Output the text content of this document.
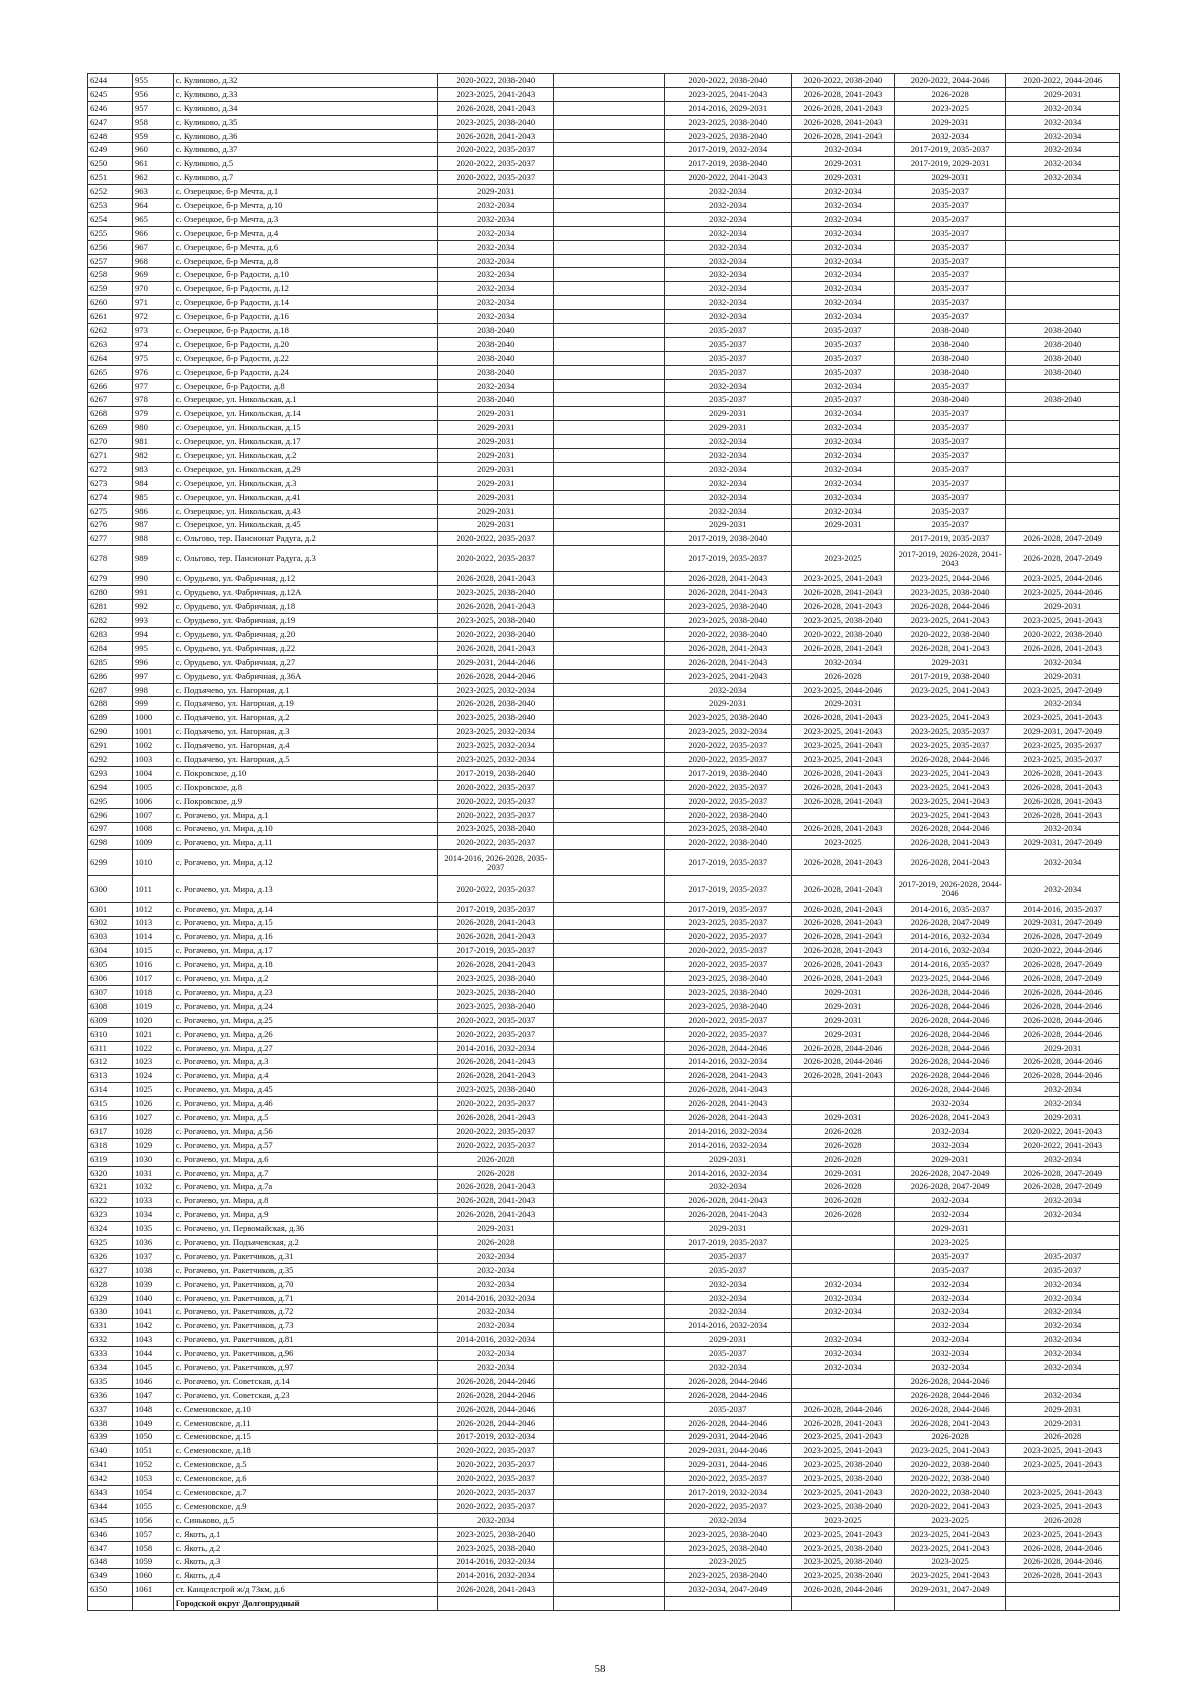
6244	955	с. Куликово, д.32	2020-2022, 2038-2040		2020-2022, 2038-2040	2020-2022, 2038-2040	2020-2022, 2044-2046	2020-2022, 2044-2046
6245	956	с. Куликово, д.33	2023-2025, 2041-2043		2023-2025, 2041-2043	2026-2028, 2041-2043	2026-2028	2029-2031
6246	957	с. Куликово, д.34	2026-2028, 2041-2043		2014-2016, 2029-2031	2026-2028, 2041-2043	2023-2025	2032-2034
6247	958	с. Куликово, д.35	2023-2025, 2038-2040		2023-2025, 2038-2040	2026-2028, 2041-2043	2029-2031	2032-2034
6248	959	с. Куликово, д.36	2026-2028, 2041-2043		2023-2025, 2038-2040	2026-2028, 2041-2043	2032-2034	2032-2034
6249	960	с. Куликово, д.37	2020-2022, 2035-2037		2017-2019, 2032-2034	2032-2034	2017-2019, 2035-2037	2032-2034
6250	961	с. Куликово, д.5	2020-2022, 2035-2037		2017-2019, 2038-2040	2029-2031	2017-2019, 2029-2031	2032-2034
6251	962	с. Куликово, д.7	2020-2022, 2035-2037		2020-2022, 2041-2043	2029-2031	2029-2031	2032-2034
6252	963	с. Озерецкое, б-р Мечта, д.1	2029-2031		2032-2034	2032-2034	2035-2037	
6253	964	с. Озерецкое, б-р Мечта, д.10	2032-2034		2032-2034	2032-2034	2035-2037	
6254	965	с. Озерецкое, б-р Мечта, д.3	2032-2034		2032-2034	2032-2034	2035-2037	
6255	966	с. Озерецкое, б-р Мечта, д.4	2032-2034		2032-2034	2032-2034	2035-2037	
6256	967	с. Озерецкое, б-р Мечта, д.6	2032-2034		2032-2034	2032-2034	2035-2037	
6257	968	с. Озерецкое, б-р Мечта, д.8	2032-2034		2032-2034	2032-2034	2035-2037	
6258	969	с. Озерецкое, б-р Радости, д.10	2032-2034		2032-2034	2032-2034	2035-2037	
6259	970	с. Озерецкое, б-р Радости, д.12	2032-2034		2032-2034	2032-2034	2035-2037	
6260	971	с. Озерецкое, б-р Радости, д.14	2032-2034		2032-2034	2032-2034	2035-2037	
6261	972	с. Озерецкое, б-р Радости, д.16	2032-2034		2032-2034	2032-2034	2035-2037	
6262	973	с. Озерецкое, б-р Радости, д.18	2038-2040		2035-2037	2035-2037	2038-2040	2038-2040
6263	974	с. Озерецкое, б-р Радости, д.20	2038-2040		2035-2037	2035-2037	2038-2040	2038-2040
6264	975	с. Озерецкое, б-р Радости, д.22	2038-2040		2035-2037	2035-2037	2038-2040	2038-2040
6265	976	с. Озерецкое, б-р Радости, д.24	2038-2040		2035-2037	2035-2037	2038-2040	2038-2040
6266	977	с. Озерецкое, б-р Радости, д.8	2032-2034		2032-2034	2032-2034	2035-2037	
6267	978	с. Озерецкое, ул. Никольская, д.1	2038-2040		2035-2037	2035-2037	2038-2040	2038-2040
6268	979	с. Озерецкое, ул. Никольская, д.14	2029-2031		2029-2031	2032-2034	2035-2037	
6269	980	с. Озерецкое, ул. Никольская, д.15	2029-2031		2029-2031	2032-2034	2035-2037	
6270	981	с. Озерецкое, ул. Никольская, д.17	2029-2031		2032-2034	2032-2034	2035-2037	
6271	982	с. Озерецкое, ул. Никольская, д.2	2029-2031		2032-2034	2032-2034	2035-2037	
6272	983	с. Озерецкое, ул. Никольская, д.29	2029-2031		2032-2034	2032-2034	2035-2037	
6273	984	с. Озерецкое, ул. Никольская, д.3	2029-2031		2032-2034	2032-2034	2035-2037	
6274	985	с. Озерецкое, ул. Никольская, д.41	2029-2031		2032-2034	2032-2034	2035-2037	
6275	986	с. Озерецкое, ул. Никольская, д.43	2029-2031		2032-2034	2032-2034	2035-2037	
6276	987	с. Озерецкое, ул. Никольская, д.45	2029-2031		2029-2031	2029-2031	2035-2037	
6277	988	с. Ольгово, тер. Пансионат Радуга, д.2	2020-2022, 2035-2037		2017-2019, 2038-2040		2017-2019, 2035-2037	2026-2028, 2047-2049
6278	989	с. Ольгово, тер. Пансионат Радуга, д.3	2020-2022, 2035-2037		2017-2019, 2035-2037	2023-2025	2017-2019, 2026-2028, 2041-2043	2026-2028, 2047-2049
6279	990	с. Орудьево, ул. Фабричная, д.12	2026-2028, 2041-2043		2026-2028, 2041-2043	2023-2025, 2041-2043	2023-2025, 2044-2046	2023-2025, 2044-2046
6280	991	с. Орудьево, ул. Фабричная, д.12А	2023-2025, 2038-2040		2026-2028, 2041-2043	2026-2028, 2041-2043	2023-2025, 2038-2040	2023-2025, 2044-2046
6281	992	с. Орудьево, ул. Фабричная, д.18	2026-2028, 2041-2043		2023-2025, 2038-2040	2026-2028, 2041-2043	2026-2028, 2044-2046	2029-2031
6282	993	с. Орудьево, ул. Фабричная, д.19	2023-2025, 2038-2040		2023-2025, 2038-2040	2023-2025, 2038-2040	2023-2025, 2041-2043	2023-2025, 2041-2043
6283	994	с. Орудьево, ул. Фабричная, д.20	2020-2022, 2038-2040		2020-2022, 2038-2040	2020-2022, 2038-2040	2020-2022, 2038-2040	2020-2022, 2038-2040
6284	995	с. Орудьево, ул. Фабричная, д.22	2026-2028, 2041-2043		2026-2028, 2041-2043	2026-2028, 2041-2043	2026-2028, 2041-2043	2026-2028, 2041-2043
6285	996	с. Орудьево, ул. Фабричная, д.27	2029-2031, 2044-2046		2026-2028, 2041-2043	2032-2034	2029-2031	2032-2034
6286	997	с. Орудьево, ул. Фабричная, д.36А	2026-2028, 2044-2046		2023-2025, 2041-2043	2026-2028	2017-2019, 2038-2040	2029-2031
6287	998	с. Подъячево, ул. Нагорная, д.1	2023-2025, 2032-2034		2032-2034	2023-2025, 2044-2046	2023-2025, 2041-2043	2023-2025, 2047-2049
6288	999	с. Подъячево, ул. Нагорная, д.19	2026-2028, 2038-2040		2029-2031	2029-2031		2032-2034
6289	1000	с. Подъячево, ул. Нагорная, д.2	2023-2025, 2038-2040		2023-2025, 2038-2040	2026-2028, 2041-2043	2023-2025, 2041-2043	2023-2025, 2041-2043
6290	1001	с. Подъячево, ул. Нагорная, д.3	2023-2025, 2032-2034		2023-2025, 2032-2034	2023-2025, 2041-2043	2023-2025, 2035-2037	2029-2031, 2047-2049
6291	1002	с. Подъячево, ул. Нагорная, д.4	2023-2025, 2032-2034		2020-2022, 2035-2037	2023-2025, 2041-2043	2023-2025, 2035-2037	2023-2025, 2035-2037
6292	1003	с. Подъячево, ул. Нагорная, д.5	2023-2025, 2032-2034		2020-2022, 2035-2037	2023-2025, 2041-2043	2026-2028, 2044-2046	2023-2025, 2035-2037
6293	1004	с. Покровское, д.10	2017-2019, 2038-2040		2017-2019, 2038-2040	2026-2028, 2041-2043	2023-2025, 2041-2043	2026-2028, 2041-2043
6294	1005	с. Покровское, д.8	2020-2022, 2035-2037		2020-2022, 2035-2037	2026-2028, 2041-2043	2023-2025, 2041-2043	2026-2028, 2041-2043
6295	1006	с. Покровское, д.9	2020-2022, 2035-2037		2020-2022, 2035-2037	2026-2028, 2041-2043	2023-2025, 2041-2043	2026-2028, 2041-2043
6296	1007	с. Рогачево, ул. Мира, д.1	2020-2022, 2035-2037		2020-2022, 2038-2040		2023-2025, 2041-2043	2026-2028, 2041-2043
6297	1008	с. Рогачево, ул. Мира, д.10	2023-2025, 2038-2040		2023-2025, 2038-2040	2026-2028, 2041-2043	2026-2028, 2044-2046	2032-2034
6298	1009	с. Рогачево, ул. Мира, д.11	2020-2022, 2035-2037		2020-2022, 2038-2040	2023-2025	2026-2028, 2041-2043	2029-2031, 2047-2049
6299	1010	с. Рогачево, ул. Мира, д.12	2014-2016, 2026-2028, 2035-2037		2017-2019, 2035-2037	2026-2028, 2041-2043	2026-2028, 2041-2043	2032-2034
6300	1011	с. Рогачево, ул. Мира, д.13	2020-2022, 2035-2037		2017-2019, 2035-2037	2026-2028, 2041-2043	2017-2019, 2026-2028, 2044-2046	2032-2034
6301	1012	с. Рогачево, ул. Мира, д.14	2017-2019, 2035-2037		2017-2019, 2035-2037	2026-2028, 2041-2043	2014-2016, 2035-2037	2014-2016, 2035-2037
6302	1013	с. Рогачево, ул. Мира, д.15	2026-2028, 2041-2043		2023-2025, 2035-2037	2026-2028, 2041-2043	2026-2028, 2047-2049	2029-2031, 2047-2049
6303	1014	с. Рогачево, ул. Мира, д.16	2026-2028, 2041-2043		2020-2022, 2035-2037	2026-2028, 2041-2043	2014-2016, 2032-2034	2026-2028, 2047-2049
6304	1015	с. Рогачево, ул. Мира, д.17	2017-2019, 2035-2037		2020-2022, 2035-2037	2026-2028, 2041-2043	2014-2016, 2032-2034	2020-2022, 2044-2046
6305	1016	с. Рогачево, ул. Мира, д.18	2026-2028, 2041-2043		2020-2022, 2035-2037	2026-2028, 2041-2043	2014-2016, 2035-2037	2026-2028, 2047-2049
6306	1017	с. Рогачево, ул. Мира, д.2	2023-2025, 2038-2040		2023-2025, 2038-2040	2026-2028, 2041-2043	2023-2025, 2044-2046	2026-2028, 2047-2049
6307	1018	с. Рогачево, ул. Мира, д.23	2023-2025, 2038-2040		2023-2025, 2038-2040	2029-2031	2026-2028, 2044-2046	2026-2028, 2044-2046
6308	1019	с. Рогачево, ул. Мира, д.24	2023-2025, 2038-2040		2023-2025, 2038-2040	2029-2031	2026-2028, 2044-2046	2026-2028, 2044-2046
6309	1020	с. Рогачево, ул. Мира, д.25	2020-2022, 2035-2037		2020-2022, 2035-2037	2029-2031	2026-2028, 2044-2046	2026-2028, 2044-2046
6310	1021	с. Рогачево, ул. Мира, д.26	2020-2022, 2035-2037		2020-2022, 2035-2037	2029-2031	2026-2028, 2044-2046	2026-2028, 2044-2046
6311	1022	с. Рогачево, ул. Мира, д.27	2014-2016, 2032-2034		2026-2028, 2044-2046	2026-2028, 2044-2046	2026-2028, 2044-2046	2029-2031
6312	1023	с. Рогачево, ул. Мира, д.3	2026-2028, 2041-2043		2014-2016, 2032-2034	2026-2028, 2044-2046	2026-2028, 2044-2046	2026-2028, 2044-2046
6313	1024	с. Рогачево, ул. Мира, д.4	2026-2028, 2041-2043		2026-2028, 2041-2043	2026-2028, 2041-2043	2026-2028, 2044-2046	2026-2028, 2044-2046
6314	1025	с. Рогачево, ул. Мира, д.45	2023-2025, 2038-2040		2026-2028, 2041-2043		2026-2028, 2044-2046	2032-2034
6315	1026	с. Рогачево, ул. Мира, д.46	2020-2022, 2035-2037		2026-2028, 2041-2043		2032-2034	2032-2034
6316	1027	с. Рогачево, ул. Мира, д.5	2026-2028, 2041-2043		2026-2028, 2041-2043	2029-2031	2026-2028, 2041-2043	2029-2031
6317	1028	с. Рогачево, ул. Мира, д.56	2020-2022, 2035-2037		2014-2016, 2032-2034	2026-2028	2032-2034	2020-2022, 2041-2043
6318	1029	с. Рогачево, ул. Мира, д.57	2020-2022, 2035-2037		2014-2016, 2032-2034	2026-2028	2032-2034	2020-2022, 2041-2043
6319	1030	с. Рогачево, ул. Мира, д.6	2026-2028		2029-2031	2026-2028	2029-2031	2032-2034
6320	1031	с. Рогачево, ул. Мира, д.7	2026-2028		2014-2016, 2032-2034	2029-2031	2026-2028, 2047-2049	2026-2028, 2047-2049
6321	1032	с. Рогачево, ул. Мира, д.7а	2026-2028, 2041-2043		2032-2034	2026-2028	2026-2028, 2047-2049	2026-2028, 2047-2049
6322	1033	с. Рогачево, ул. Мира, д.8	2026-2028, 2041-2043		2026-2028, 2041-2043	2026-2028	2032-2034	2032-2034
6323	1034	с. Рогачево, ул. Мира, д.9	2026-2028, 2041-2043		2026-2028, 2041-2043	2026-2028	2032-2034	2032-2034
6324	1035	с. Рогачево, ул. Первомайская, д.36	2029-2031		2029-2031		2029-2031	
6325	1036	с. Рогачево, ул. Подъячевская, д.2	2026-2028		2017-2019, 2035-2037		2023-2025	
6326	1037	с. Рогачево, ул. Ракетчиков, д.31	2032-2034		2035-2037		2035-2037	2035-2037
6327	1038	с. Рогачево, ул. Ракетчиков, д.35	2032-2034		2035-2037		2035-2037	2035-2037
6328	1039	с. Рогачево, ул. Ракетчиков, д.70	2032-2034		2032-2034	2032-2034	2032-2034	2032-2034
6329	1040	с. Рогачево, ул. Ракетчиков, д.71	2014-2016, 2032-2034		2032-2034	2032-2034	2032-2034	2032-2034
6330	1041	с. Рогачево, ул. Ракетчиков, д.72	2032-2034		2032-2034	2032-2034	2032-2034	2032-2034
6331	1042	с. Рогачево, ул. Ракетчиков, д.73	2032-2034		2014-2016, 2032-2034		2032-2034	2032-2034
6332	1043	с. Рогачево, ул. Ракетчиков, д.81	2014-2016, 2032-2034		2029-2031	2032-2034	2032-2034	2032-2034
6333	1044	с. Рогачево, ул. Ракетчиков, д.96	2032-2034		2035-2037	2032-2034	2032-2034	2032-2034
6334	1045	с. Рогачево, ул. Ракетчиков, д.97	2032-2034		2032-2034	2032-2034	2032-2034	2032-2034
6335	1046	с. Рогачево, ул. Советская, д.14	2026-2028, 2044-2046		2026-2028, 2044-2046		2026-2028, 2044-2046	
6336	1047	с. Рогачево, ул. Советская, д.23	2026-2028, 2044-2046		2026-2028, 2044-2046		2026-2028, 2044-2046	2032-2034
6337	1048	с. Семеновское, д.10	2026-2028, 2044-2046		2035-2037	2026-2028, 2044-2046	2026-2028, 2044-2046	2029-2031
6338	1049	с. Семеновское, д.11	2026-2028, 2044-2046		2026-2028, 2044-2046	2026-2028, 2041-2043	2026-2028, 2041-2043	2029-2031
6339	1050	с. Семеновское, д.15	2017-2019, 2032-2034		2029-2031, 2044-2046	2023-2025, 2041-2043	2026-2028	2026-2028
6340	1051	с. Семеновское, д.18	2020-2022, 2035-2037		2029-2031, 2044-2046	2023-2025, 2041-2043	2023-2025, 2041-2043	2023-2025, 2041-2043
6341	1052	с. Семеновское, д.5	2020-2022, 2035-2037		2029-2031, 2044-2046	2023-2025, 2038-2040	2020-2022, 2038-2040	2023-2025, 2041-2043
6342	1053	с. Семеновское, д.6	2020-2022, 2035-2037		2020-2022, 2035-2037	2023-2025, 2038-2040	2020-2022, 2038-2040	
6343	1054	с. Семеновское, д.7	2020-2022, 2035-2037		2017-2019, 2032-2034	2023-2025, 2041-2043	2020-2022, 2038-2040	2023-2025, 2041-2043
6344	1055	с. Семеновское, д.9	2020-2022, 2035-2037		2020-2022, 2035-2037	2023-2025, 2038-2040	2020-2022, 2041-2043	2023-2025, 2041-2043
6345	1056	с. Синьково, д.5	2032-2034		2032-2034	2023-2025	2023-2025	2026-2028
6346	1057	с. Якоть, д.1	2023-2025, 2038-2040		2023-2025, 2038-2040	2023-2025, 2041-2043	2023-2025, 2041-2043	2023-2025, 2041-2043
6347	1058	с. Якоть, д.2	2023-2025, 2038-2040		2023-2025, 2038-2040	2023-2025, 2038-2040	2023-2025, 2041-2043	2026-2028, 2044-2046
6348	1059	с. Якоть, д.3	2014-2016, 2032-2034		2023-2025	2023-2025, 2038-2040	2023-2025	2026-2028, 2044-2046
6349	1060	с. Якоть, д.4	2014-2016, 2032-2034		2023-2025, 2038-2040	2023-2025, 2038-2040	2023-2025, 2041-2043	2026-2028, 2041-2043
6350	1061	ст. Канцелстрой ж/д 73км, д.6	2026-2028, 2041-2043		2032-2034, 2047-2049	2026-2028, 2044-2046	2029-2031, 2047-2049	
		Городской округ Долгопрудный						
58
